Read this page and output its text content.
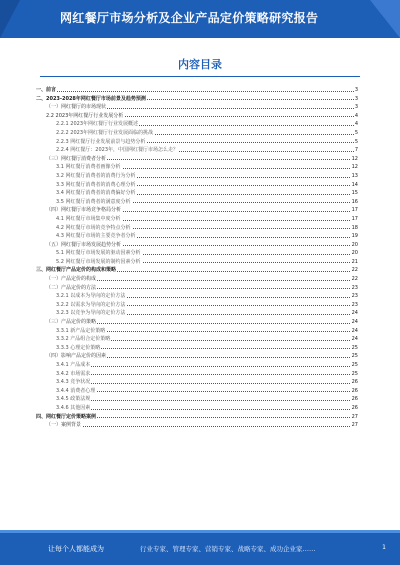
网红餐厅市场分析及企业产品定价策略研究报告
内容目录
一、前言	3
二、2023-2028年网红餐厅市场前景及趋势预测	3
（一）网红餐厅的市场现状	3
2.2 2023年网红餐厅行业发展分析	4
2.2.1 2023年网红餐厅行业发展概述	4
2.2.2 2023年网红餐厅行业发展面临的挑战	5
2.2.3 网红餐厅行业发展前景与趋势分析	5
2.2.4 网红餐厅：2023年，中国网红餐厅市场怎么走？	7
（三）网红餐厅消费者分析	12
3.1 网红餐厅消费者画像分析	12
3.2 网红餐厅消费者的消费行为分析	13
3.3 网红餐厅消费者的消费心理分析	14
3.4 网红餐厅消费者的消费偏好分析	15
3.5 网红餐厅消费者的满意度分析	16
（四）网红餐厅市场竞争格局分析	17
4.1 网红餐厅市场集中度分析	17
4.2 网红餐厅市场的竞争特点分析	18
4.3 网红餐厅市场的主要竞争者分析	19
（五）网红餐厅市场发展趋势分析	20
5.1 网红餐厅市场发展的驱动因素分析	20
5.2 网红餐厅市场发展的制约因素分析	21
三、网红餐厅产品定价的构成和策略	22
（一）产品定价的构成	22
（二）产品定价的方法	23
3.2.1 以成本为导向的定价方法	23
3.2.2 以需求为导向的定价方法	23
3.2.3 以竞争为导向的定价方法	24
（三）产品定价的策略	24
3.3.1 新产品定价策略	24
3.3.2 产品组合定价策略	24
3.3.3 心理定价策略	25
（四）影响产品定价的因素	25
3.4.1 产品成本	25
3.4.2 市场需求	25
3.4.3 竞争状况	26
3.4.4 消费者心理	26
3.4.5 政策法规	26
3.4.6 其他因素	26
四、网红餐厅定价策略案例	27
（一）案例背景	27
让每个人都能成为	行业专家、管理专家、营销专家、战略专家、成功企业家……	1
